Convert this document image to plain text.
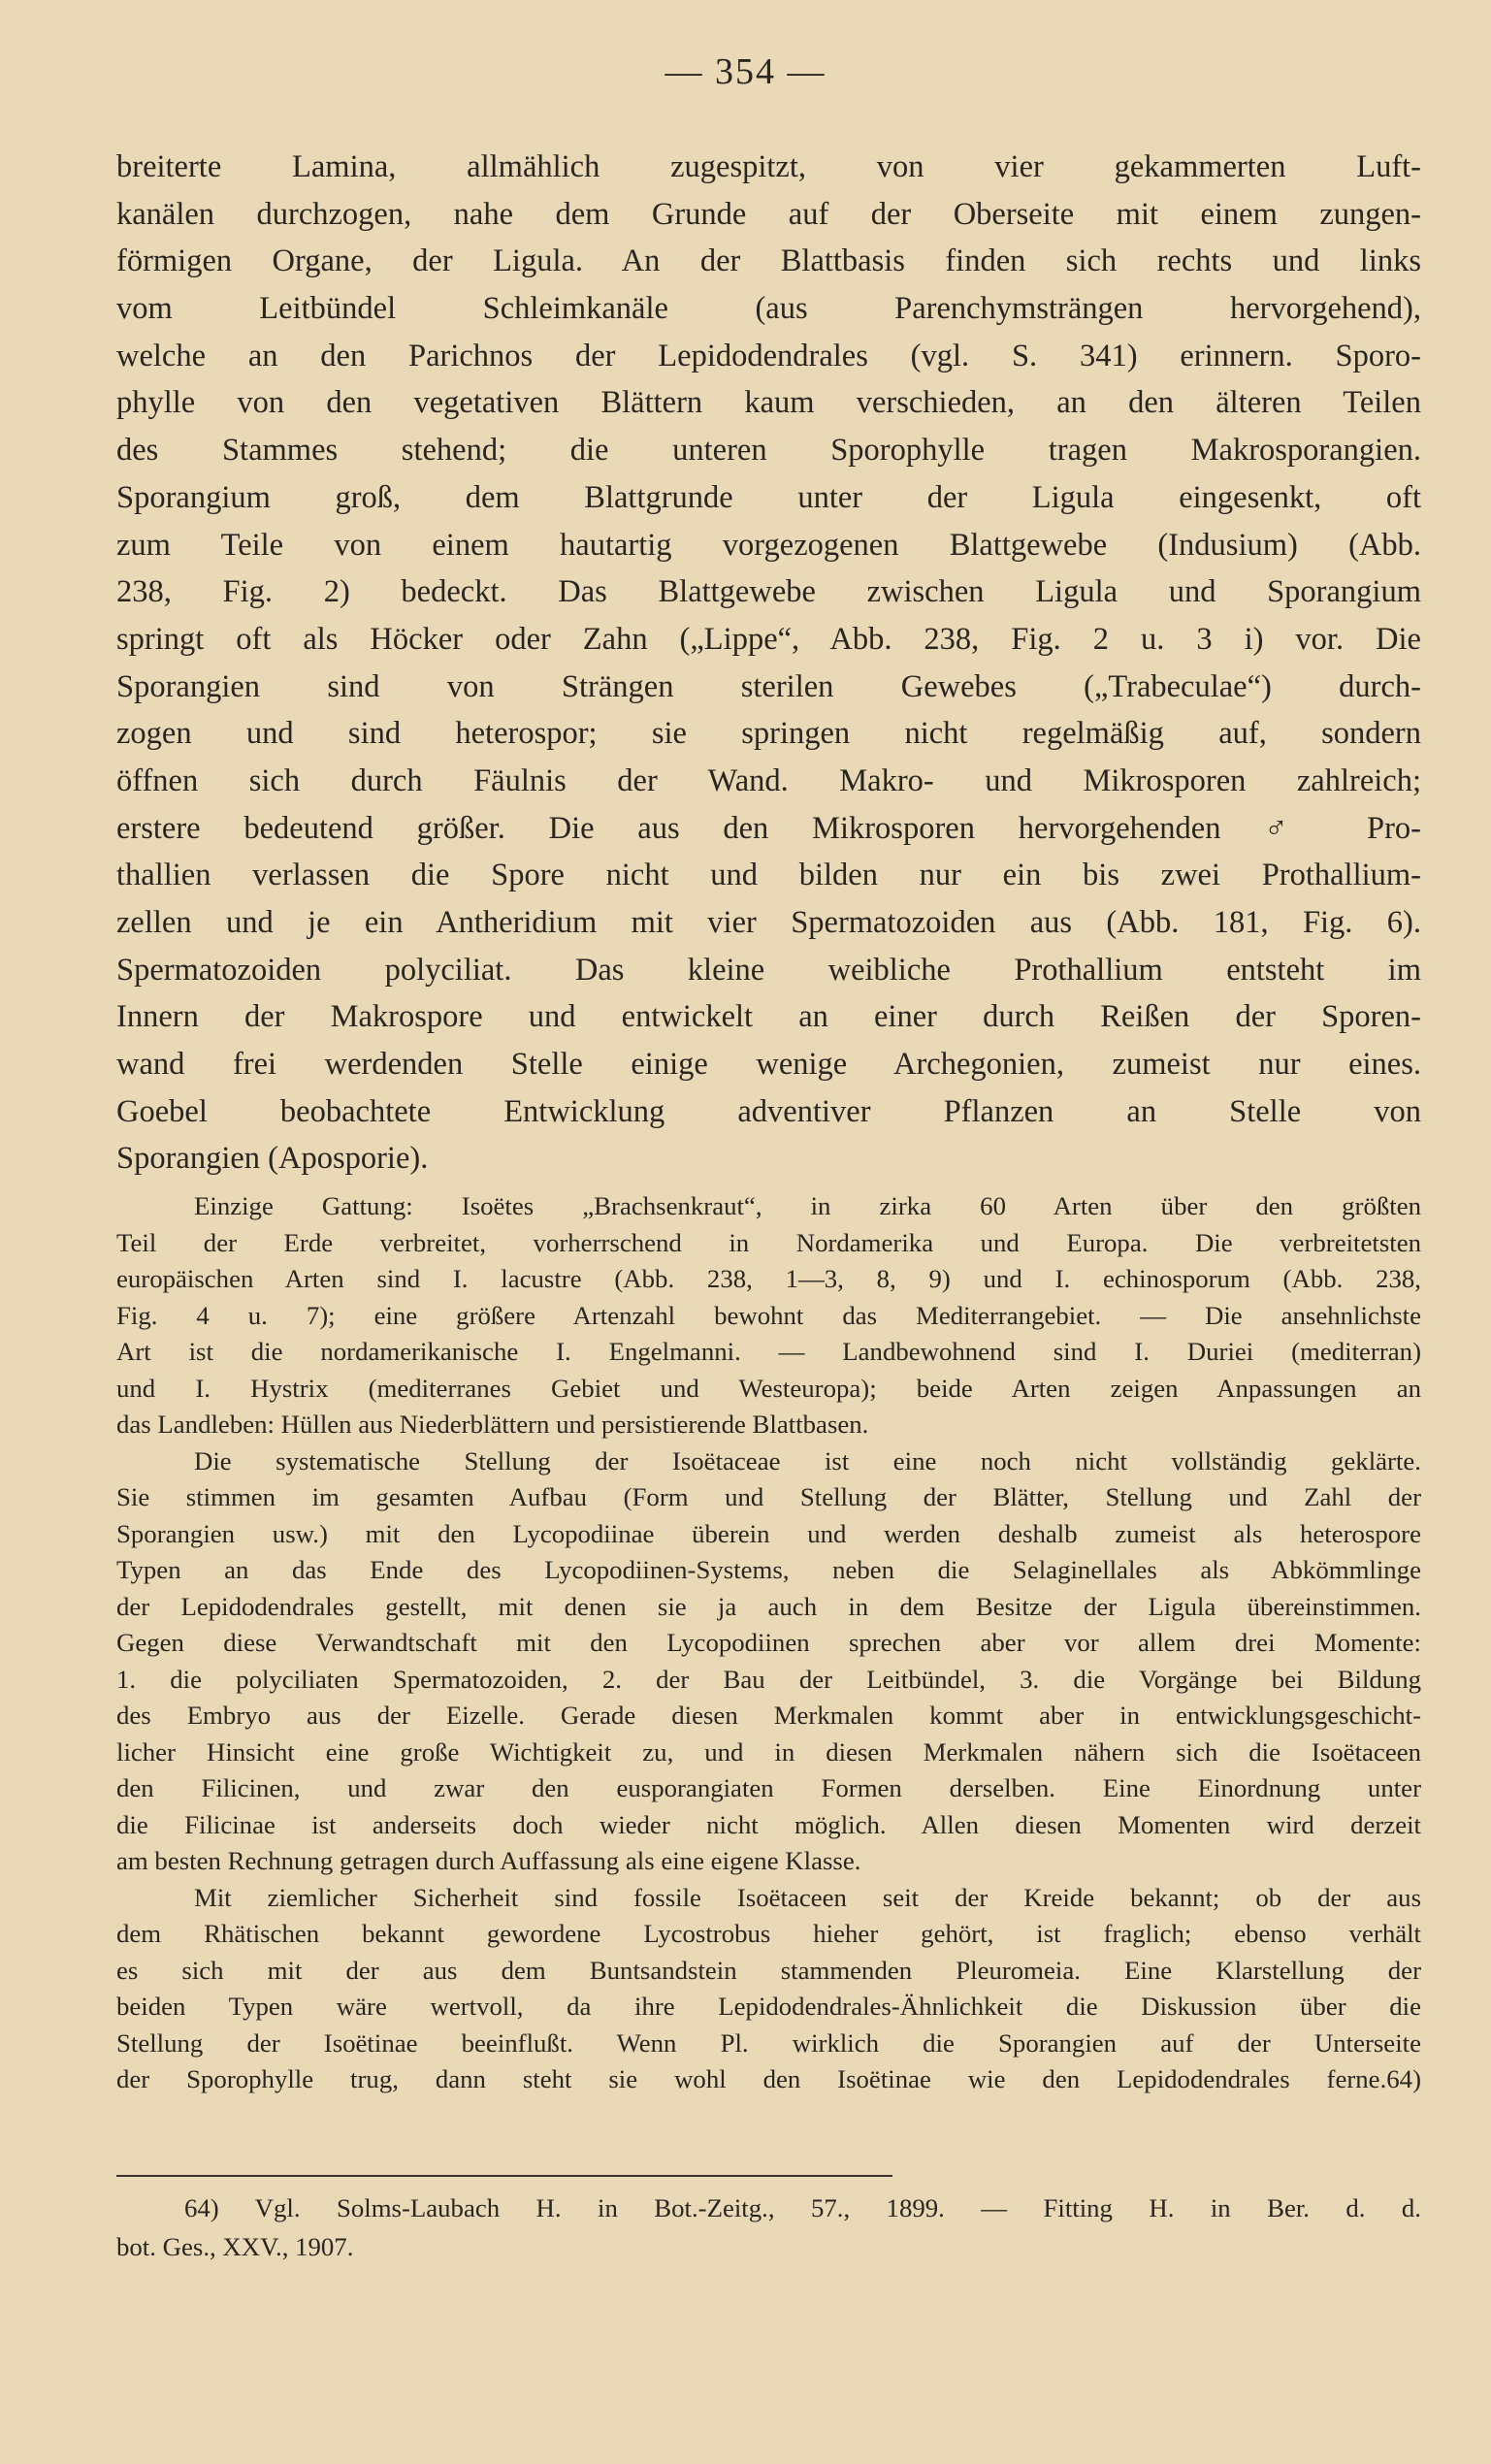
— 354 —

breiterte Lamina, allmählich zugespitzt, von vier gekammerten Luft-

kanälen durchzogen, nahe dem Grunde auf der Oberseite mit einem zungen-

förmigen Organe, der Ligula. An der Blattbasis finden sich rechts und links

vom Leitbündel Schleimkanäle (aus Parenchymsträngen hervorgehend),

welche an den Parichnos der Lepidodendrales (vgl. S. 341) erinnern. Sporo-

phylle von den vegetativen Blättern kaum verschieden, an den älteren Teilen

des Stammes stehend; die unteren Sporophylle tragen Makrosporangien.

Sporangium groß, dem Blattgrunde unter der Ligula eingesenkt, oft

zum Teile von einem hautartig vorgezogenen Blattgewebe (Indusium) (Abb.

238, Fig. 2) bedeckt. Das Blattgewebe zwischen Ligula und Sporangium

springt oft als Höcker oder Zahn („Lippe“, Abb. 238, Fig. 2 u. 3 i) vor. Die

Sporangien sind von Strängen sterilen Gewebes („Trabeculae“) durch-

zogen und sind heterospor; sie springen nicht regelmäßig auf, sondern

öffnen sich durch Fäulnis der Wand. Makro- und Mikrosporen zahlreich;

erstere bedeutend größer. Die aus den Mikrosporen hervorgehenden ♂ Pro-

thallien verlassen die Spore nicht und bilden nur ein bis zwei Prothallium-

zellen und je ein Antheridium mit vier Spermatozoiden aus (Abb. 181, Fig. 6).

Spermatozoiden polyciliat. Das kleine weibliche Prothallium entsteht im

Innern der Makrospore und entwickelt an einer durch Reißen der Sporen-

wand frei werdenden Stelle einige wenige Archegonien, zumeist nur eines.

Goebel beobachtete Entwicklung adventiver Pflanzen an Stelle von

Sporangien (Aposporie).

Einzige Gattung: Isoëtes „Brachsenkraut“, in zirka 60 Arten über den größten

Teil der Erde verbreitet, vorherrschend in Nordamerika und Europa. Die verbreitetsten

europäischen Arten sind I. lacustre (Abb. 238, 1—3, 8, 9) und I. echinosporum (Abb. 238,

Fig. 4 u. 7); eine größere Artenzahl bewohnt das Mediterrangebiet. — Die ansehnlichste

Art ist die nordamerikanische I. Engelmanni. — Landbewohnend sind I. Duriei (mediterran)

und I. Hystrix (mediterranes Gebiet und Westeuropa); beide Arten zeigen Anpassungen an

das Landleben: Hüllen aus Niederblättern und persistierende Blattbasen.

Die systematische Stellung der Isoëtaceae ist eine noch nicht vollständig geklärte.

Sie stimmen im gesamten Aufbau (Form und Stellung der Blätter, Stellung und Zahl der

Sporangien usw.) mit den Lycopodiinae überein und werden deshalb zumeist als heterospore

Typen an das Ende des Lycopodiinen-Systems, neben die Selaginellales als Abkömmlinge

der Lepidodendrales gestellt, mit denen sie ja auch in dem Besitze der Ligula übereinstimmen.

Gegen diese Verwandtschaft mit den Lycopodiinen sprechen aber vor allem drei Momente:

1. die polyciliaten Spermatozoiden, 2. der Bau der Leitbündel, 3. die Vorgänge bei Bildung

des Embryo aus der Eizelle. Gerade diesen Merkmalen kommt aber in entwicklungsgeschicht-

licher Hinsicht eine große Wichtigkeit zu, und in diesen Merkmalen nähern sich die Isoëtaceen

den Filicinen, und zwar den eusporangiaten Formen derselben. Eine Einordnung unter

die Filicinae ist anderseits doch wieder nicht möglich. Allen diesen Momenten wird derzeit

am besten Rechnung getragen durch Auffassung als eine eigene Klasse.

Mit ziemlicher Sicherheit sind fossile Isoëtaceen seit der Kreide bekannt; ob der aus

dem Rhätischen bekannt gewordene Lycostrobus hieher gehört, ist fraglich; ebenso verhält

es sich mit der aus dem Buntsandstein stammenden Pleuromeia. Eine Klarstellung der

beiden Typen wäre wertvoll, da ihre Lepidodendrales-Ähnlichkeit die Diskussion über die

Stellung der Isoëtinae beeinflußt. Wenn Pl. wirklich die Sporangien auf der Unterseite

der Sporophylle trug, dann steht sie wohl den Isoëtinae wie den Lepidodendrales ferne.64)

64) Vgl. Solms-Laubach H. in Bot.-Zeitg., 57., 1899. — Fitting H. in Ber. d. d.

bot. Ges., XXV., 1907.
